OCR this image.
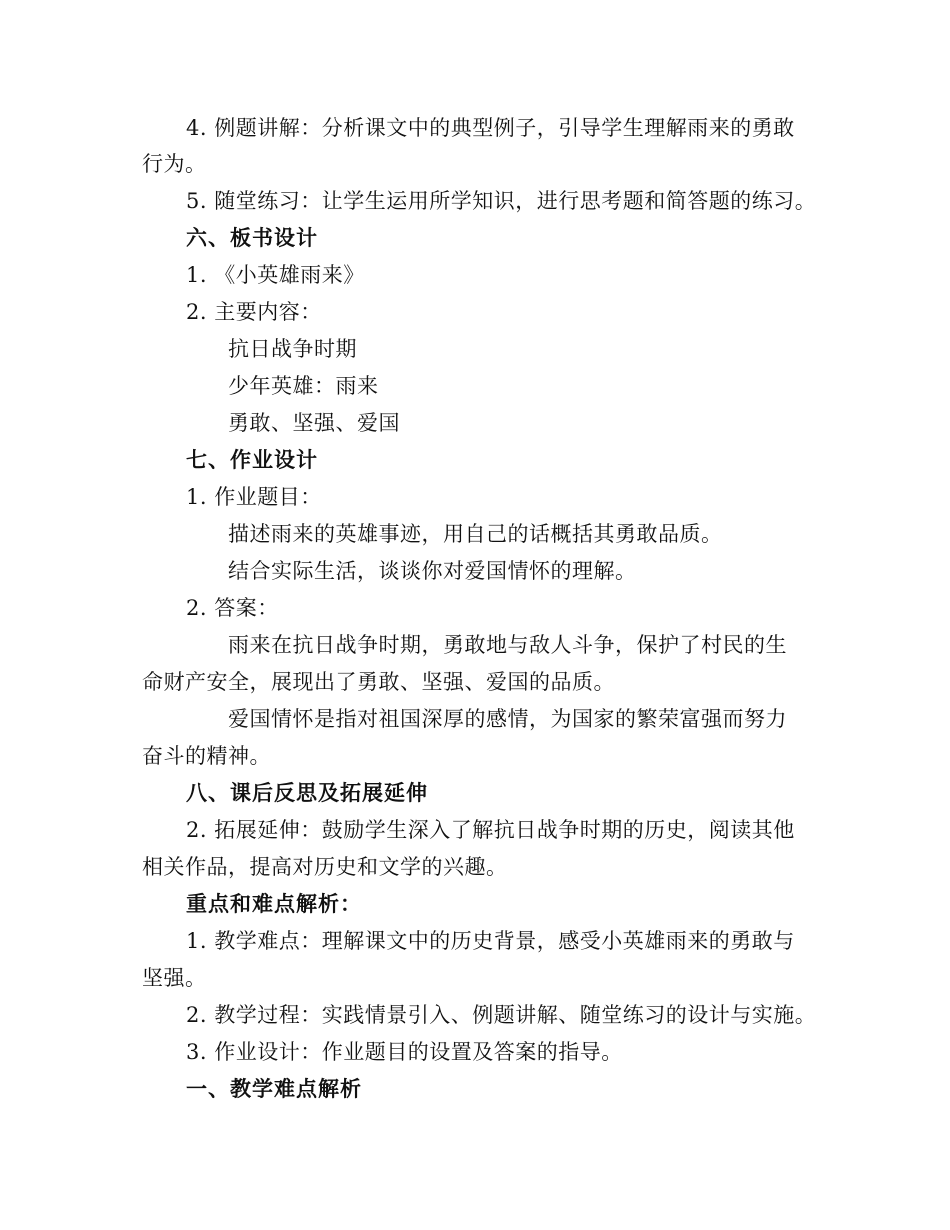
4. 例题讲解：分析课文中的典型例子，引导学生理解雨来的勇敢
行为。
5. 随堂练习：让学生运用所学知识，进行思考题和简答题的练习。
六、板书设计
1. 《小英雄雨来》
2. 主要内容：
抗日战争时期
少年英雄：雨来
勇敢、坚强、爱国
七、作业设计
1. 作业题目：
描述雨来的英雄事迹，用自己的话概括其勇敢品质。
结合实际生活，谈谈你对爱国情怀的理解。
2. 答案：
雨来在抗日战争时期，勇敢地与敌人斗争，保护了村民的生
命财产安全，展现出了勇敢、坚强、爱国的品质。
爱国情怀是指对祖国深厚的感情，为国家的繁荣富强而努力
奋斗的精神。
八、课后反思及拓展延伸
2. 拓展延伸：鼓励学生深入了解抗日战争时期的历史，阅读其他
相关作品，提高对历史和文学的兴趣。
重点和难点解析：
1. 教学难点：理解课文中的历史背景，感受小英雄雨来的勇敢与
坚强。
2. 教学过程：实践情景引入、例题讲解、随堂练习的设计与实施。
3. 作业设计：作业题目的设置及答案的指导。
一、教学难点解析
